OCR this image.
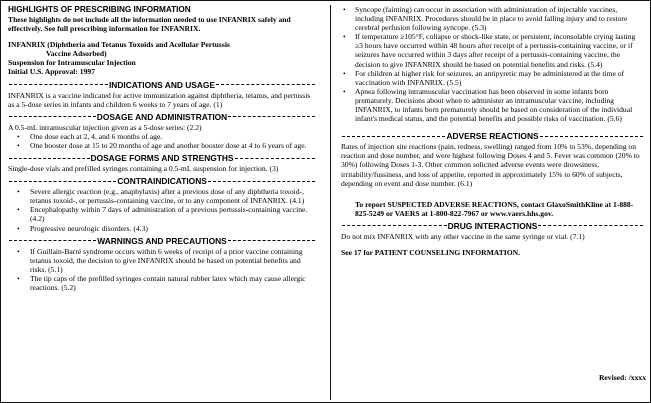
HIGHLIGHTS OF PRESCRIBING INFORMATION

These highlights do not include all the information needed to use INFANRIX safely and effectively. See full prescribing information for INFANRIX.

INFANRIX (Diphtheria and Tetanus Toxoids and Acellular Pertussis

Vaccine Adsorbed)

Suspension for Intramuscular Injection

Initial U.S. Approval: 1997

INDICATIONS AND USAGE

INFANRIX is a vaccine indicated for active immunization against diphtheria, tetanus, and pertussis as a 5-dose series in infants and children 6 weeks to 7 years of age. (1)

DOSAGE AND ADMINISTRATION

A 0.5-mL intramuscular injection given as a 5-dose series: (2.2)

• One dose each at 2, 4, and 6 months of age.
• One booster dose at 15 to 20 months of age and another booster dose at 4 to 6 years of age.
DOSAGE FORMS AND STRENGTHS

Single-dose vials and prefilled syringes containing a 0.5-mL suspension for injection. (3)

CONTRAINDICATIONS
• Severe allergic reaction (e.g., anaphylaxis) after a previous dose of any diphtheria toxoid-, tetanus toxoid-, or pertussis-containing vaccine, or to any component of INFANRIX. (4.1)
• Encephalopathy within 7 days of administration of a previous pertussis-containing vaccine. (4.2)
• Progressive neurologic disorders. (4.3)
WARNINGS AND PRECAUTIONS
• If Guillain-Barré syndrome occurs within 6 weeks of receipt of a prior vaccine containing tetanus toxoid, the decision to give INFANRIX should be based on potential benefits and risks. (5.1)
• The tip caps of the prefilled syringes contain natural rubber latex which may cause allergic reactions. (5.2)
• Syncope (fainting) can occur in association with administration of injectable vaccines, including INFANRIX. Procedures should be in place to avoid falling injury and to restore cerebral perfusion following syncope. (5.3)
• If temperature ≥105°F, collapse or shock-like state, or persistent, inconsolable crying lasting ≥3 hours have occurred within 48 hours after receipt of a pertussis-containing vaccine, or if seizures have occurred within 3 days after receipt of a pertussis-containing vaccine, the decision to give INFANRIX should be based on potential benefits and risks. (5.4)
• For children at higher risk for seizures, an antipyretic may be administered at the time of vaccination with INFANRIX. (5.5)
• Apnea following intramuscular vaccination has been observed in some infants born prematurely. Decisions about when to administer an intramuscular vaccine, including INFANRIX, to infants born prematurely should be based on consideration of the individual infant's medical status, and the potential benefits and possible risks of vaccination. (5.6)
ADVERSE REACTIONS

Rates of injection site reactions (pain, redness, swelling) ranged from 10% to 53%, depending on reaction and dose number, and were highest following Doses 4 and 5. Fever was common (20% to 30%) following Doses 1-3. Other common solicited adverse events were drowsiness, irritability/fussiness, and loss of appetite, reported in approximately 15% to 60% of subjects, depending on event and dose number. (6.1)

To report SUSPECTED ADVERSE REACTIONS, contact GlaxoSmithKline at 1-888-825-5249 or VAERS at 1-800-822-7967 or www.vaers.hhs.gov.

DRUG INTERACTIONS

Do not mix INFANRIX with any other vaccine in the same syringe or vial. (7.1)

See 17 for PATIENT COUNSELING INFORMATION.

Revised: /xxxx
